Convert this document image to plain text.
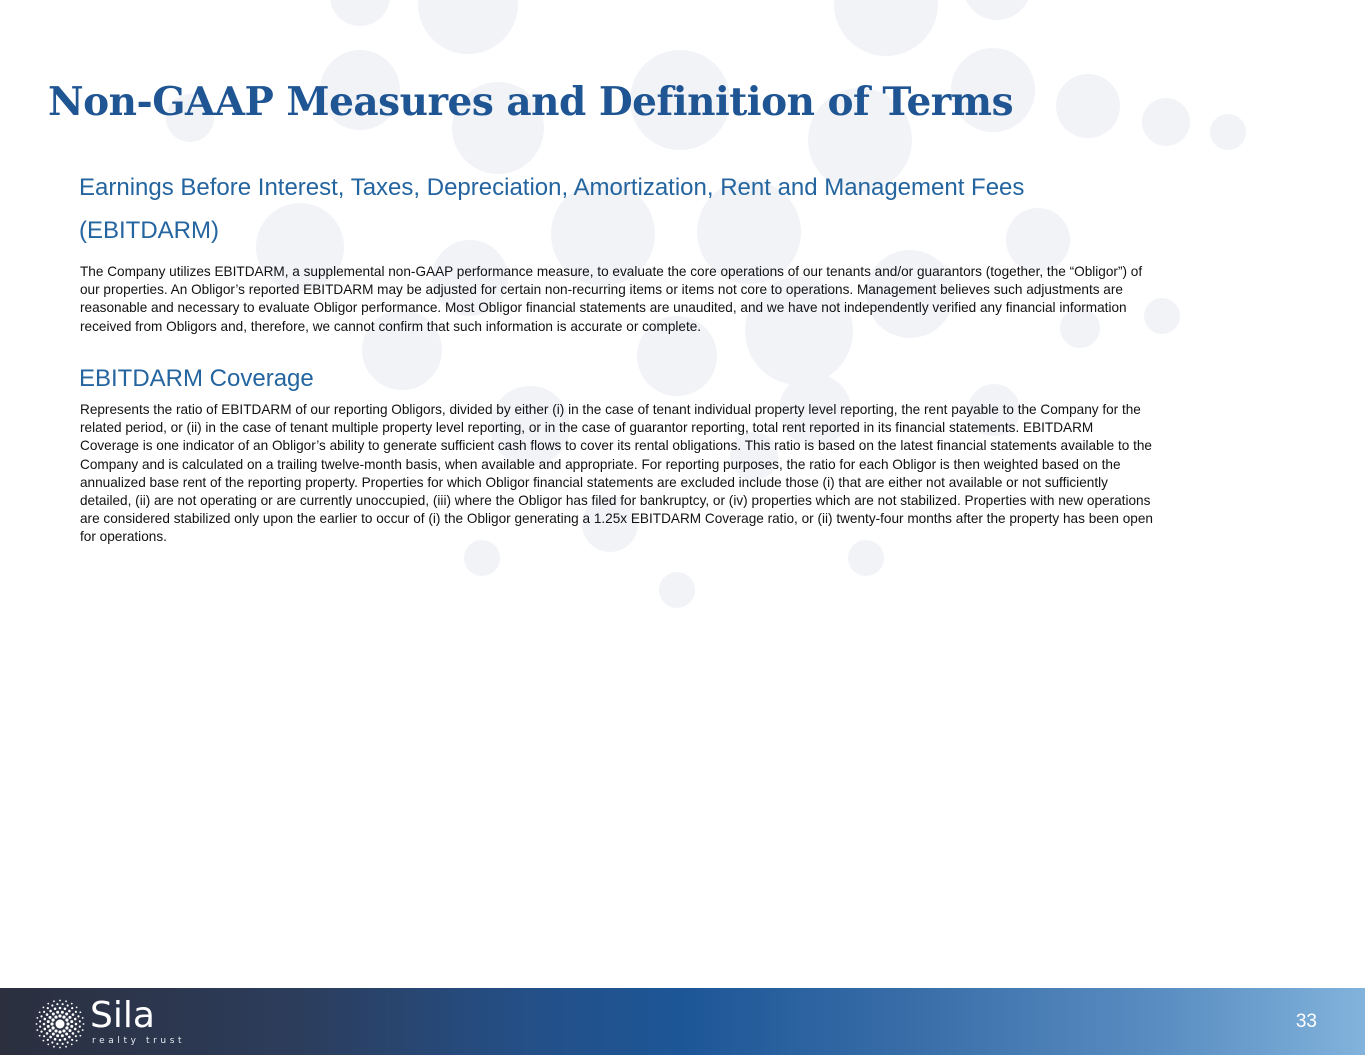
Non-GAAP Measures and Definition of Terms
Earnings Before Interest, Taxes, Depreciation, Amortization, Rent and Management Fees (EBITDARM)

The Company utilizes EBITDARM, a supplemental non-GAAP performance measure, to evaluate the core operations of our tenants and/or guarantors (together, the “Obligor”) of our properties. An Obligor’s reported EBITDARM may be adjusted for certain non-recurring items or items not core to operations. Management believes such adjustments are reasonable and necessary to evaluate Obligor performance. Most Obligor financial statements are unaudited, and we have not independently verified any financial information received from Obligors and, therefore, we cannot confirm that such information is accurate or complete.

EBITDARM Coverage

Represents the ratio of EBITDARM of our reporting Obligors, divided by either (i) in the case of tenant individual property level reporting, the rent payable to the Company for the related period, or (ii) in the case of tenant multiple property level reporting, or in the case of guarantor reporting, total rent reported in its financial statements. EBITDARM Coverage is one indicator of an Obligor’s ability to generate sufficient cash flows to cover its rental obligations. This ratio is based on the latest financial statements available to the Company and is calculated on a trailing twelve-month basis, when available and appropriate. For reporting purposes, the ratio for each Obligor is then weighted based on the annualized base rent of the reporting property. Properties for which Obligor financial statements are excluded include those (i) that are either not available or not sufficiently detailed, (ii) are not operating or are currently unoccupied, (iii) where the Obligor has filed for bankruptcy, or (iv) properties which are not stabilized. Properties with new operations are considered stabilized only upon the earlier to occur of (i) the Obligor generating a 1.25x EBITDARM Coverage ratio, or (ii) twenty-four months after the property has been open for operations.

Sila
realty trust
33
